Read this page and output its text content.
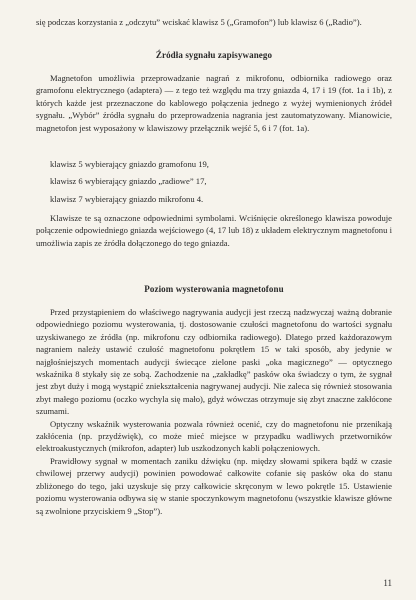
się podczas korzystania z „odczytu” wciskać klawisz 5 („Gramofon”) lub klawisz 6 („Radio”).

Źródła sygnału zapisywanego

Magnetofon umożliwia przeprowadzanie nagrań z mikrofonu, odbiornika radiowego oraz gramofonu elektrycznego (adaptera) — z tego też względu ma trzy gniazda 4, 17 i 19 (fot. 1a i 1b), z których każde jest przeznaczone do kablowego połączenia jednego z wyżej wymienionych źródeł sygnału. „Wybór” źródła sygnału do przeprowadzenia nagrania jest zautomatyzowany. Mianowicie, magnetofon jest wyposażony w klawiszowy przełącznik wejść 5, 6 i 7 (fot. 1a).

klawisz 5 wybierający gniazdo gramofonu 19,

klawisz 6 wybierający gniazdo „radiowe” 17,

klawisz 7 wybierający gniazdo mikrofonu 4.

Klawisze te są oznaczone odpowiednimi symbolami. Wciśnięcie określonego klawisza powoduje połączenie odpowiedniego gniazda wejściowego (4, 17 lub 18) z układem elektrycznym magnetofonu i umożliwia zapis ze źródła dołączonego do tego gniazda.

Poziom wysterowania magnetofonu

Przed przystąpieniem do właściwego nagrywania audycji jest rzeczą nadzwyczaj ważną dobranie odpowiedniego poziomu wysterowania, tj. dostosowanie czułości magnetofonu do wartości sygnału uzyskiwanego ze źródła (np. mikrofonu czy odbiornika radiowego). Dlatego przed każdorazowym nagraniem należy ustawić czułość magnetofonu pokrętłem 15 w taki sposób, aby jedynie w najgłośniejszych momentach audycji świecące zielone paski „oka magicznego” — optycznego wskaźnika 8 stykały się ze sobą. Zachodzenie na „zakładkę” pasków oka świadczy o tym, że sygnał jest zbyt duży i mogą wystąpić zniekształcenia nagrywanej audycji. Nie zaleca się również stosowania zbyt małego poziomu (oczko wychyla się mało), gdyż wówczas otrzymuje się zbyt znaczne zakłócone szumami.

Optyczny wskaźnik wysterowania pozwala również ocenić, czy do magnetofonu nie przenikają zakłócenia (np. przydźwięk), co może mieć miejsce w przypadku wadliwych przetworników elektroakustycznych (mikrofon, adapter) lub uszkodzonych kabli połączeniowych.

Prawidłowy sygnał w momentach zaniku dźwięku (np. między słowami spikera bądź w czasie chwilowej przerwy audycji) powinien powodować całkowite cofanie się pasków oka do stanu zbliżonego do tego, jaki uzyskuje się przy całkowicie skręconym w lewo pokrętle 15. Ustawienie poziomu wysterowania odbywa się w stanie spoczynkowym magnetofonu (wszystkie klawisze główne są zwolnione przyciskiem 9 „Stop”).

11
